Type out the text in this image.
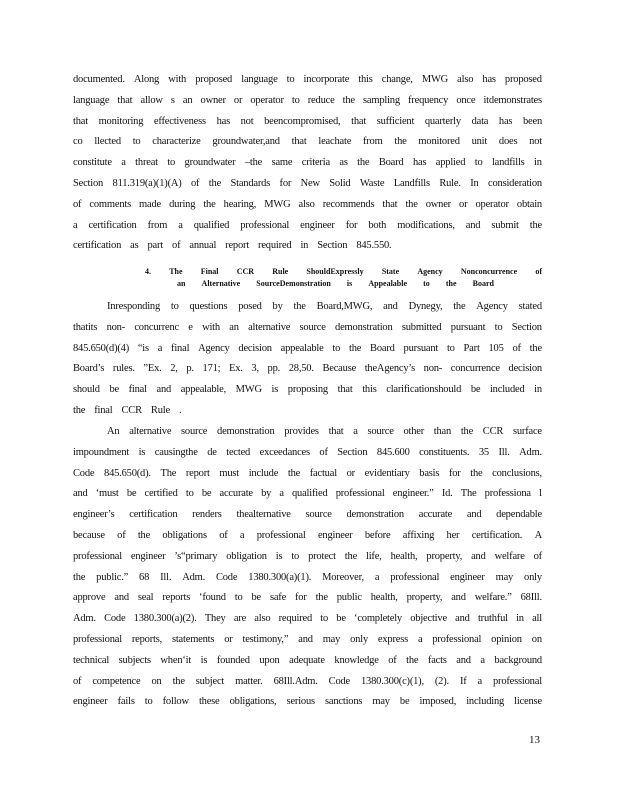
documented. Along with proposed language to incorporate this change, MWG also has proposed
language that allow s an owner or operator to reduce the sampling frequency once itdemonstrates
that monitoring effectiveness has not beencompromised, that sufficient quarterly data has been
co llected to characterize groundwater,and that leachate from the monitored unit does not
constitute a threat to groundwater –the same criteria as the Board has applied to landfills in
Section 811.319(a)(1)(A) of the Standards for New Solid Waste Landfills Rule. In consideration
of comments made during the hearing, MWG also recommends that the owner or operator obtain
a certification from a qualified professional engineer for both modifications, and submit the
certification as part of annual report required in Section 845.550.
4. The Final CCR Rule ShouldExpressly State Agency Nonconcurrence of
an Alternative SourceDemonstration is Appealable to the Board
Inresponding to questions posed by the Board,MWG, and Dynegy, the Agency stated
thatits non- concurrenc e with an alternative source demonstration submitted pursuant to Section
845.650(d)(4) “is a final Agency decision appealable to the Board pursuant to Part 105 of the
Board’s rules. ”Ex. 2, p. 171; Ex. 3, pp. 28,50. Because theAgency’s non- concurrence decision
should be final and appealable, MWG is proposing that this clarificationshould be included in
the final CCR Rule .
An alternative source demonstration provides that a source other than the CCR surface
impoundment is causingthe de tected exceedances of Section 845.600 constituents. 35 Ill. Adm.
Code 845.650(d). The report must include the factual or evidentiary basis for the conclusions,
and ‘must be certified to be accurate by a qualified professional engineer.” Id. The professiona l
engineer’s certification renders thealternative source demonstration accurate and dependable
because of the obligations of a professional engineer before affixing her certification. A
professional engineer ’s“primary obligation is to protect the life, health, property, and welfare of
the public.” 68 Ill. Adm. Code 1380.300(a)(1). Moreover, a professional engineer may only
approve and seal reports ‘found to be safe for the public health, property, and welfare.” 68Ill.
Adm. Code 1380.300(a)(2). They are also required to be ‘completely objective and truthful in all
professional reports, statements or testimony,” and may only express a professional opinion on
technical subjects when‘it is founded upon adequate knowledge of the facts and a background
of competence on the subject matter. 68Ill.Adm. Code 1380.300(c)(1), (2). If a professional
engineer fails to follow these obligations, serious sanctions may be imposed, including license
13
